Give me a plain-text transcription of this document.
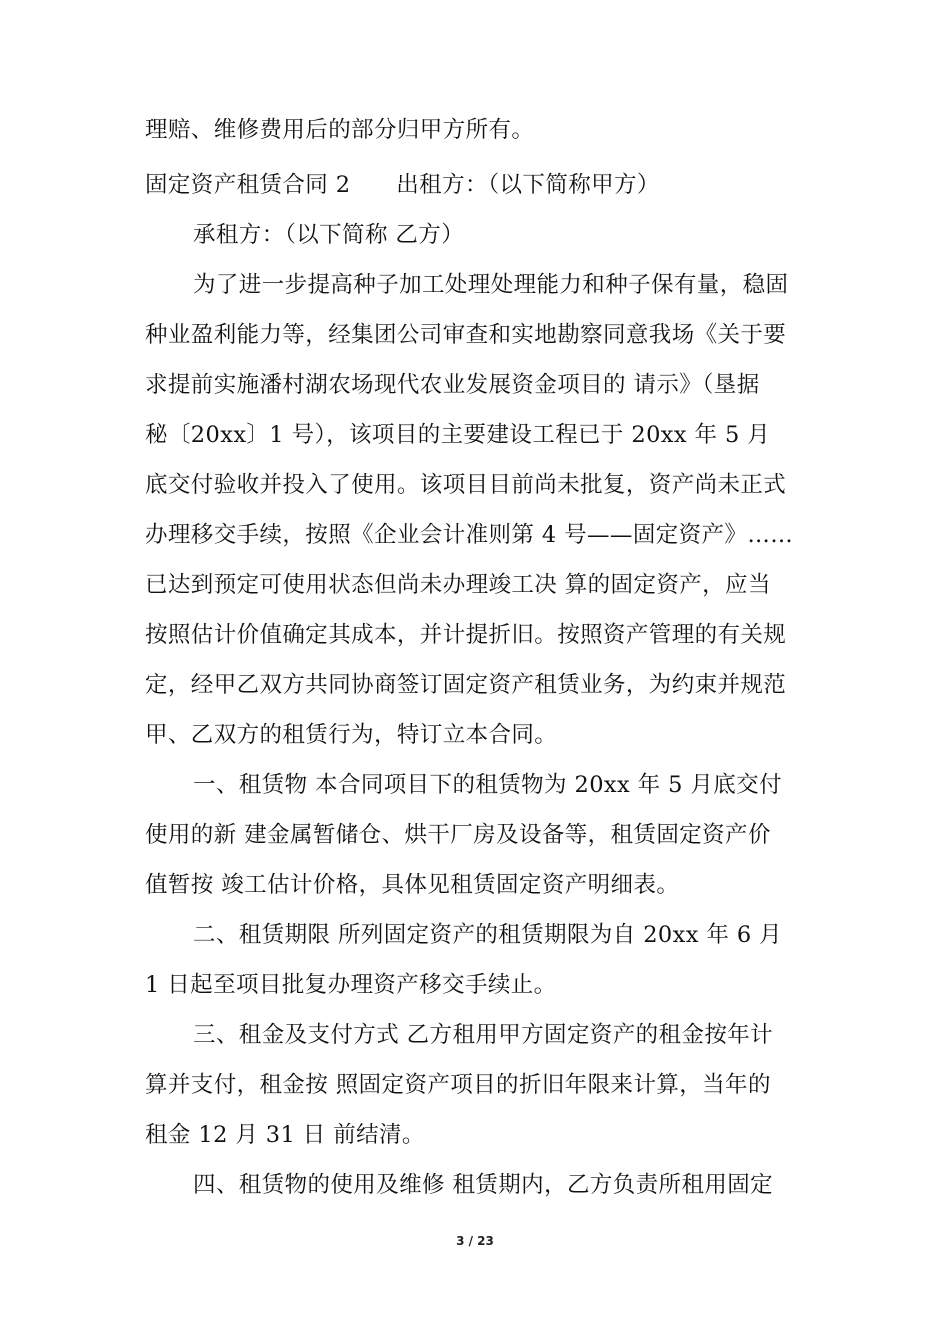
理赔、维修费用后的部分归甲方所有。
固定资产租赁合同 2　　出租方：（以下简称甲方）
承租方：（以下简称 乙方）
为了进一步提高种子加工处理处理能力和种子保有量，稳固
种业盈利能力等，经集团公司审查和实地勘察同意我场《关于要
求提前实施潘村湖农场现代农业发展资金项目的 请示》（垦据
秘〔20xx〕1 号），该项目的主要建设工程已于 20xx 年 5 月
底交付验收并投入了使用。该项目目前尚未批复，资产尚未正式
办理移交手续，按照《企业会计准则第 4 号——固定资产》……
已达到预定可使用状态但尚未办理竣工决 算的固定资产，应当
按照估计价值确定其成本，并计提折旧。按照资产管理的有关规
定，经甲乙双方共同协商签订固定资产租赁业务，为约束并规范
甲、乙双方的租赁行为，特订立本合同。
一、租赁物 本合同项目下的租赁物为 20xx 年 5 月底交付
使用的新 建金属暂储仓、烘干厂房及设备等，租赁固定资产价
值暂按 竣工估计价格，具体见租赁固定资产明细表。
二、租赁期限 所列固定资产的租赁期限为自 20xx 年 6 月
1 日起至项目批复办理资产移交手续止。
三、租金及支付方式 乙方租用甲方固定资产的租金按年计
算并支付，租金按 照固定资产项目的折旧年限来计算，当年的
租金 12 月 31 日 前结清。
四、租赁物的使用及维修 租赁期内，乙方负责所租用固定
3 / 23
